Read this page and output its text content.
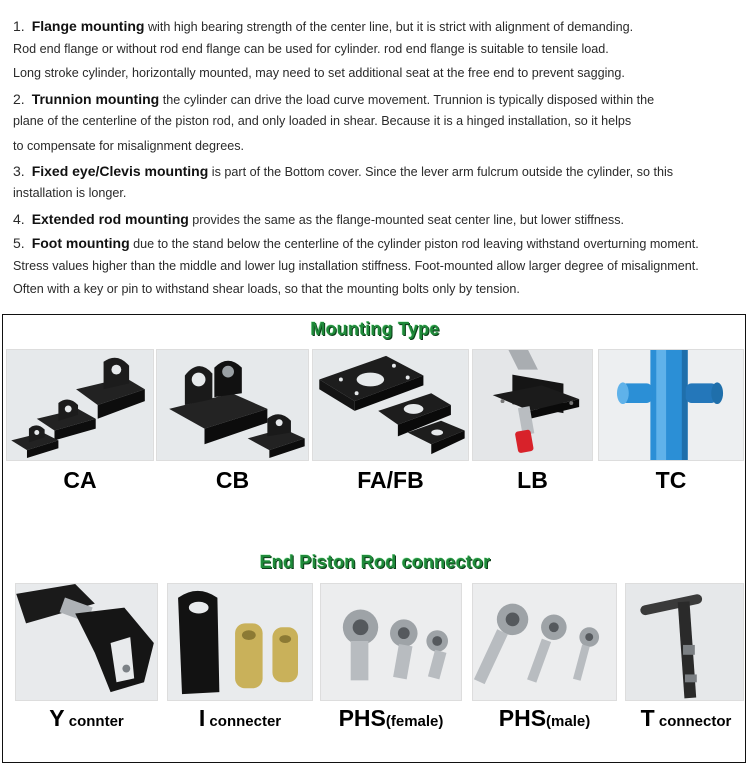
1. Flange mounting with high bearing strength of the center line, but it is strict with alignment of demanding.
Rod end flange or without rod end flange can be used for cylinder. rod end flange is suitable to tensile load.
Long stroke cylinder, horizontally mounted, may need to set additional seat at the free end to prevent sagging.
2. Trunnion mounting the cylinder can drive the load curve movement. Trunnion is typically disposed within the
plane of the centerline of the piston rod, and only loaded in shear. Because it is a hinged installation, so it helps
to compensate for misalignment degrees.
3. Fixed eye/Clevis mounting is part of the Bottom cover. Since the lever arm fulcrum outside the cylinder, so this
installation is longer.
4. Extended rod mounting provides the same as the flange-mounted seat center line, but lower stiffness.
5. Foot mounting due to the stand below the centerline of the cylinder piston rod leaving withstand overturning moment.
Stress values higher than the middle and lower lug installation stiffness. Foot-mounted allow larger degree of misalignment.
Often with a key or pin to withstand shear loads, so that the mounting bolts only by tension.
Mounting Type
CA	CB	FA/FB	LB	TC
End Piston Rod connector
Y connter	I connecter	PHS(female)	PHS(male)	T connector
